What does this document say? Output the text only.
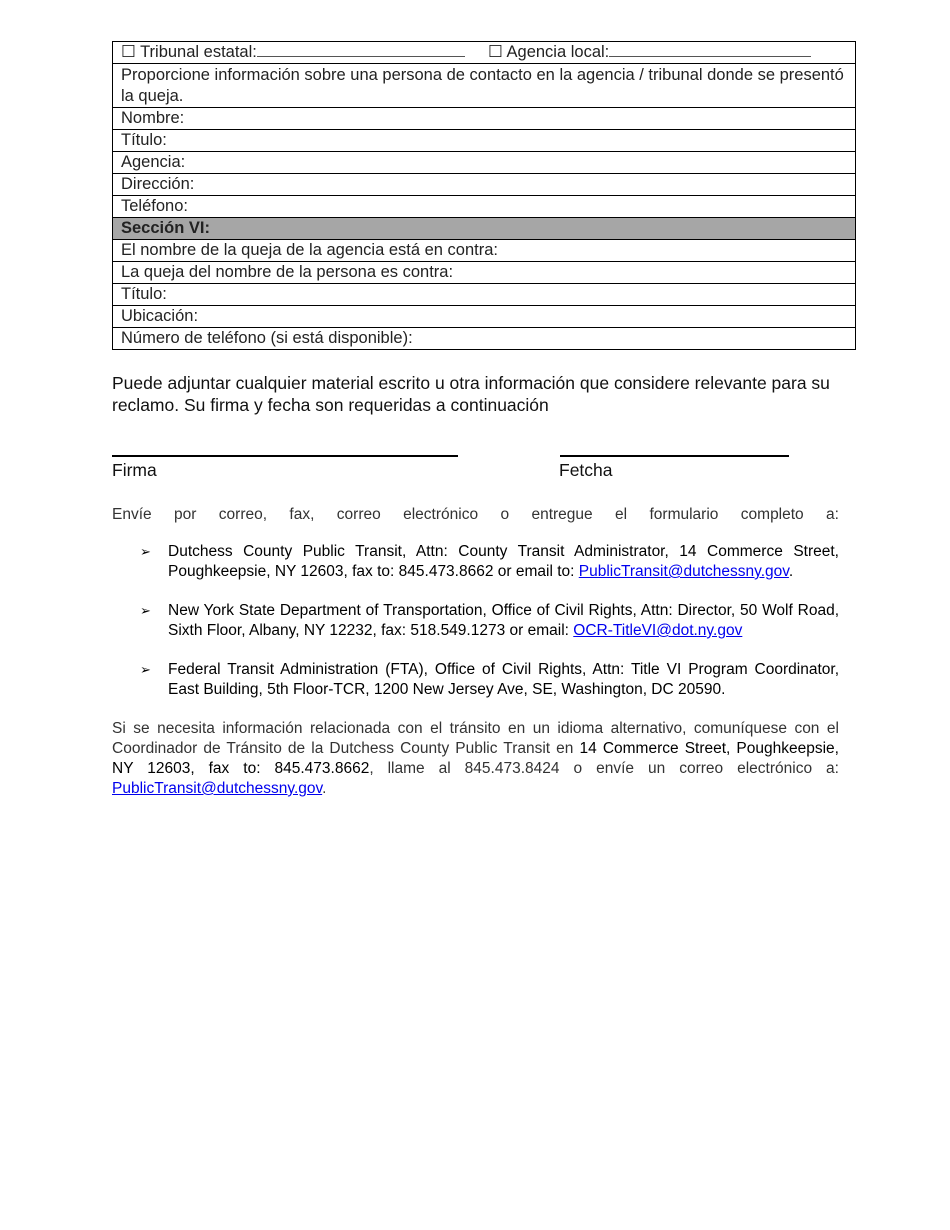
☐ Tribunal estatal:	☐ Agencia local:
Proporcione información sobre una persona de contacto en la agencia / tribunal donde se presentó la queja.
Nombre:
Título:
Agencia:
Dirección:
Teléfono:
Sección VI:
El nombre de la queja de la agencia está en contra:
La queja del nombre de la persona es contra:
Título:
Ubicación:
Número de teléfono (si está disponible):
Puede adjuntar cualquier material escrito u otra información que considere relevante para su reclamo. Su firma y fecha son requeridas a continuación
Firma	Fetcha
Envíe por correo, fax, correo electrónico o entregue el formulario completo a:
➢ Dutchess County Public Transit, Attn: County Transit Administrator, 14 Commerce Street, Poughkeepsie, NY 12603, fax to: 845.473.8662 or email to: PublicTransit@dutchessny.gov.
➢ New York State Department of Transportation, Office of Civil Rights, Attn: Director, 50 Wolf Road, Sixth Floor, Albany, NY 12232, fax: 518.549.1273 or email: OCR-TitleVI@dot.ny.gov
➢ Federal Transit Administration (FTA), Office of Civil Rights, Attn: Title VI Program Coordinator, East Building, 5th Floor-TCR, 1200 New Jersey Ave, SE, Washington, DC 20590.
Si se necesita información relacionada con el tránsito en un idioma alternativo, comuníquese con el Coordinador de Tránsito de la Dutchess County Public Transit en 14 Commerce Street, Poughkeepsie, NY 12603, fax to: 845.473.8662, llame al 845.473.8424 o envíe un correo electrónico a: PublicTransit@dutchessny.gov.
